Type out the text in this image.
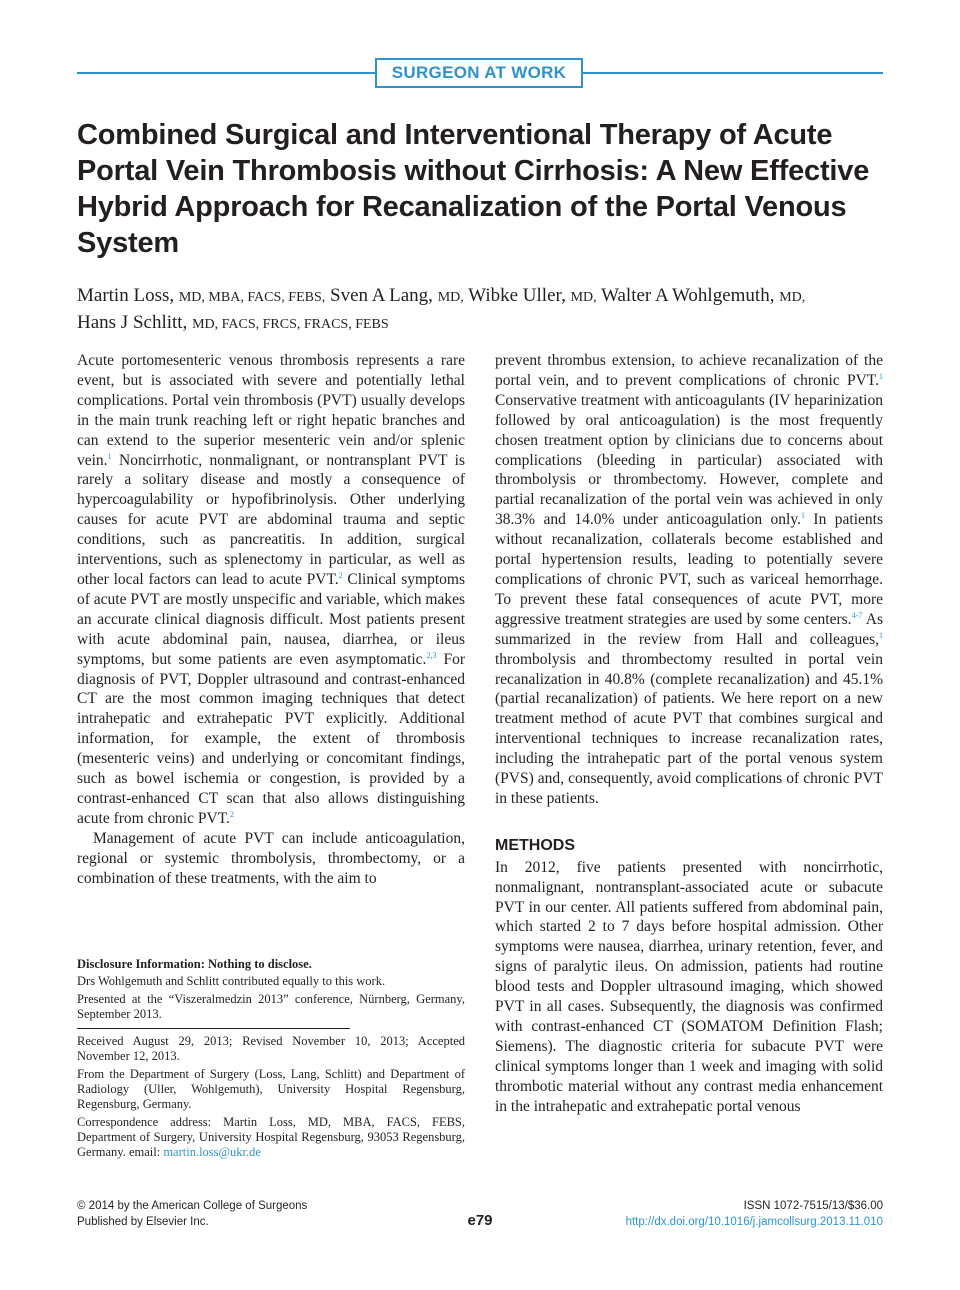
SURGEON AT WORK
Combined Surgical and Interventional Therapy of Acute Portal Vein Thrombosis without Cirrhosis: A New Effective Hybrid Approach for Recanalization of the Portal Venous System
Martin Loss, MD, MBA, FACS, FEBS, Sven A Lang, MD, Wibke Uller, MD, Walter A Wohlgemuth, MD,
Hans J Schlitt, MD, FACS, FRCS, FRACS, FEBS

Acute portomesenteric venous thrombosis represents a rare event, but is associated with severe and potentially lethal complications. Portal vein thrombosis (PVT) usually develops in the main trunk reaching left or right hepatic branches and can extend to the superior mesenteric vein and/or splenic vein.$^1$ Noncirrhotic, nonmalignant, or nontransplant PVT is rarely a solitary disease and mostly a consequence of hypercoagulability or hypofibrinolysis. Other underlying causes for acute PVT are abdominal trauma and septic conditions, such as pancreatitis. In addition, surgical interventions, such as splenectomy in particular, as well as other local factors can lead to acute PVT.$^2$ Clinical symptoms of acute PVT are mostly unspecific and variable, which makes an accurate clinical diagnosis difficult. Most patients present with acute abdominal pain, nausea, diarrhea, or ileus symptoms, but some patients are even asymptomatic.$^{2,3}$ For diagnosis of PVT, Doppler ultrasound and contrast-enhanced CT are the most common imaging techniques that detect intrahepatic and extrahepatic PVT explicitly. Additional information, for example, the extent of thrombosis (mesenteric veins) and underlying or concomitant findings, such as bowel ischemia or congestion, is provided by a contrast-enhanced CT scan that also allows distinguishing acute from chronic PVT.$^2$

Management of acute PVT can include anticoagulation, regional or systemic thrombolysis, thrombectomy, or a combination of these treatments, with the aim to

Disclosure Information: Nothing to disclose.

Drs Wohlgemuth and Schlitt contributed equally to this work.

Presented at the “Viszeralmedzin 2013” conference, Nürnberg, Germany, September 2013.

Received August 29, 2013; Revised November 10, 2013; Accepted November 12, 2013.

From the Department of Surgery (Loss, Lang, Schlitt) and Department of Radiology (Uller, Wohlgemuth), University Hospital Regensburg, Regensburg, Germany.

Correspondence address: Martin Loss, MD, MBA, FACS, FEBS, Department of Surgery, University Hospital Regensburg, 93053 Regensburg, Germany. email: martin.loss@ukr.de

prevent thrombus extension, to achieve recanalization of the portal vein, and to prevent complications of chronic PVT.$^1$ Conservative treatment with anticoagulants (IV heparinization followed by oral anticoagulation) is the most frequently chosen treatment option by clinicians due to concerns about complications (bleeding in particular) associated with thrombolysis or thrombectomy. However, complete and partial recanalization of the portal vein was achieved in only 38.3% and 14.0% under anticoagulation only.$^1$ In patients without recanalization, collaterals become established and portal hypertension results, leading to potentially severe complications of chronic PVT, such as variceal hemorrhage. To prevent these fatal consequences of acute PVT, more aggressive treatment strategies are used by some centers.$^{4-7}$ As summarized in the review from Hall and colleagues,$^1$ thrombolysis and thrombectomy resulted in portal vein recanalization in 40.8% (complete recanalization) and 45.1% (partial recanalization) of patients. We here report on a new treatment method of acute PVT that combines surgical and interventional techniques to increase recanalization rates, including the intrahepatic part of the portal venous system (PVS) and, consequently, avoid complications of chronic PVT in these patients.

METHODS

In 2012, five patients presented with noncirrhotic, nonmalignant, nontransplant-associated acute or subacute PVT in our center. All patients suffered from abdominal pain, which started 2 to 7 days before hospital admission. Other symptoms were nausea, diarrhea, urinary retention, fever, and signs of paralytic ileus. On admission, patients had routine blood tests and Doppler ultrasound imaging, which showed PVT in all cases. Subsequently, the diagnosis was confirmed with contrast-enhanced CT (SOMATOM Definition Flash; Siemens). The diagnostic criteria for subacute PVT were clinical symptoms longer than 1 week and imaging with solid thrombotic material without any contrast media enhancement in the intrahepatic and extrahepatic portal venous

© 2014 by the American College of Surgeons
Published by Elsevier Inc.	e79
ISSN 1072-7515/13/$36.00
http://dx.doi.org/10.1016/j.jamcollsurg.2013.11.010
